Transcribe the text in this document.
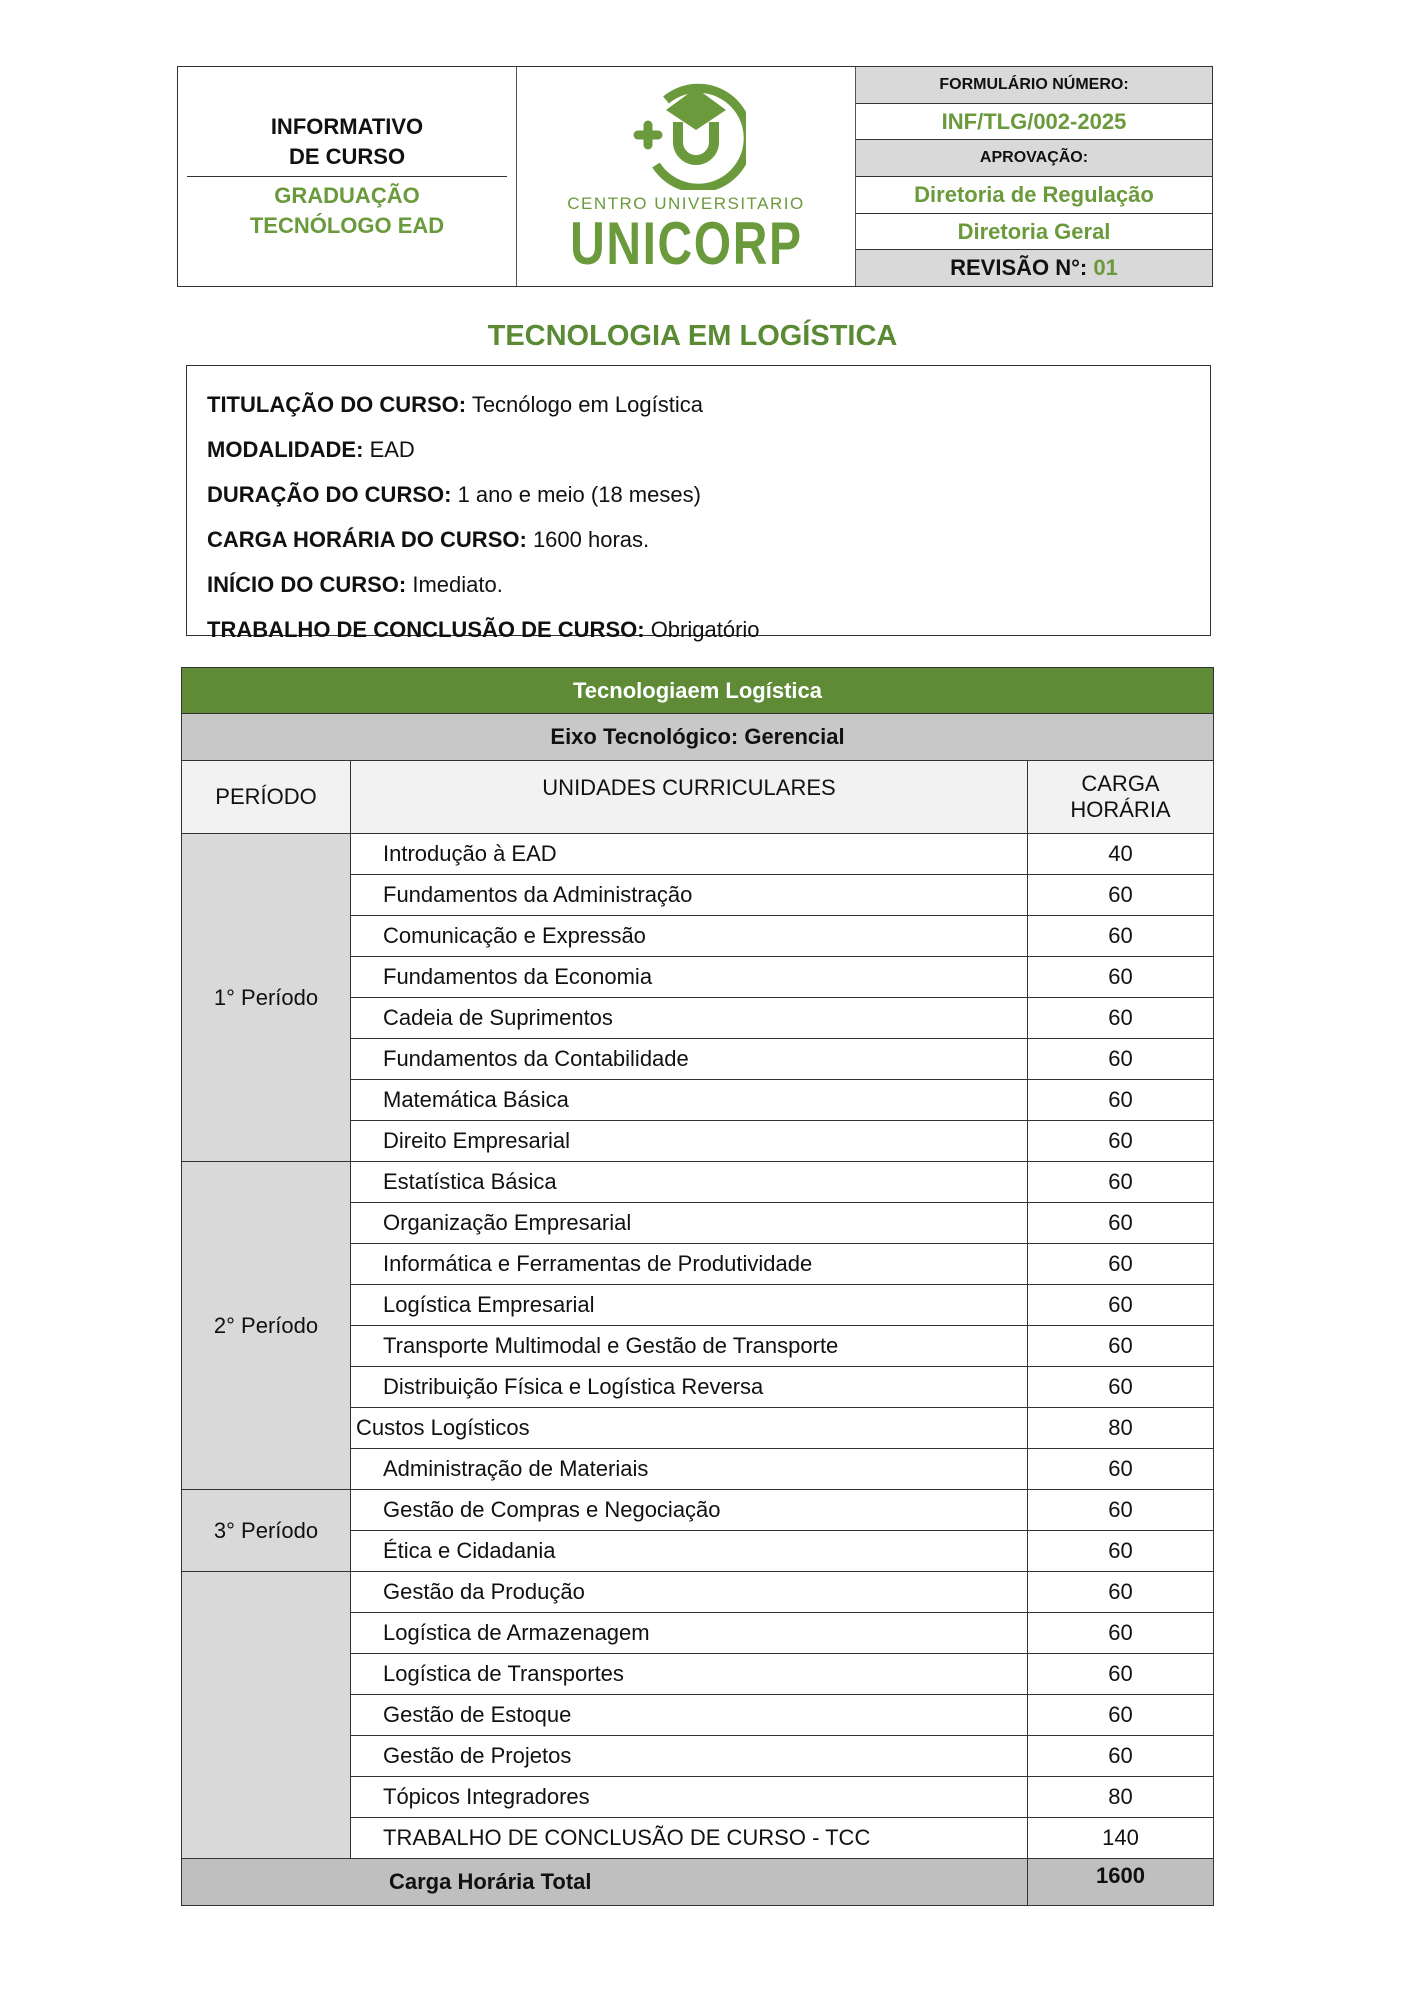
INFORMATIVO
DE CURSO
GRADUAÇÃO
TECNÓLOGO EAD
CENTRO UNIVERSITARIO
UNICORP
FORMULÁRIO NÚMERO:
INF/TLG/002-2025
APROVAÇÃO:
Diretoria de Regulação
Diretoria Geral
REVISÃO N°:
01
TECNOLOGIA EM LOGÍSTICA

TITULAÇÃO DO CURSO: Tecnólogo em Logística

MODALIDADE: EAD

DURAÇÃO DO CURSO: 1 ano e meio (18 meses)

CARGA HORÁRIA DO CURSO: 1600 horas.

INÍCIO DO CURSO: Imediato.

TRABALHO DE CONCLUSÃO DE CURSO: Obrigatório

Tecnologiaem Logística		
Eixo Tecnológico: Gerencial		
PERÍODO	UNIDADES CURRICULARES	CARGA
HORÁRIA
1° Período	Introdução à EAD	40
	Fundamentos da Administração	60
	Comunicação e Expressão	60
	Fundamentos da Economia	60
	Cadeia de Suprimentos	60
	Fundamentos da Contabilidade	60
	Matemática Básica	60
	Direito Empresarial	60
2° Período	Estatística Básica	60
	Organização Empresarial	60
	Informática e Ferramentas de Produtividade	60
	Logística Empresarial	60
	Transporte Multimodal e Gestão de Transporte	60
	Distribuição Física e Logística Reversa	60
	Custos Logísticos	80
	Administração de Materiais	60
3° Período	Gestão de Compras e Negociação	60
	Ética e Cidadania	60
	Gestão da Produção	60
	Logística de Armazenagem	60
	Logística de Transportes	60
	Gestão de Estoque	60
	Gestão de Projetos	60
	Tópicos Integradores	80
	TRABALHO DE CONCLUSÃO DE CURSO - TCC	140
Carga Horária Total		1600
